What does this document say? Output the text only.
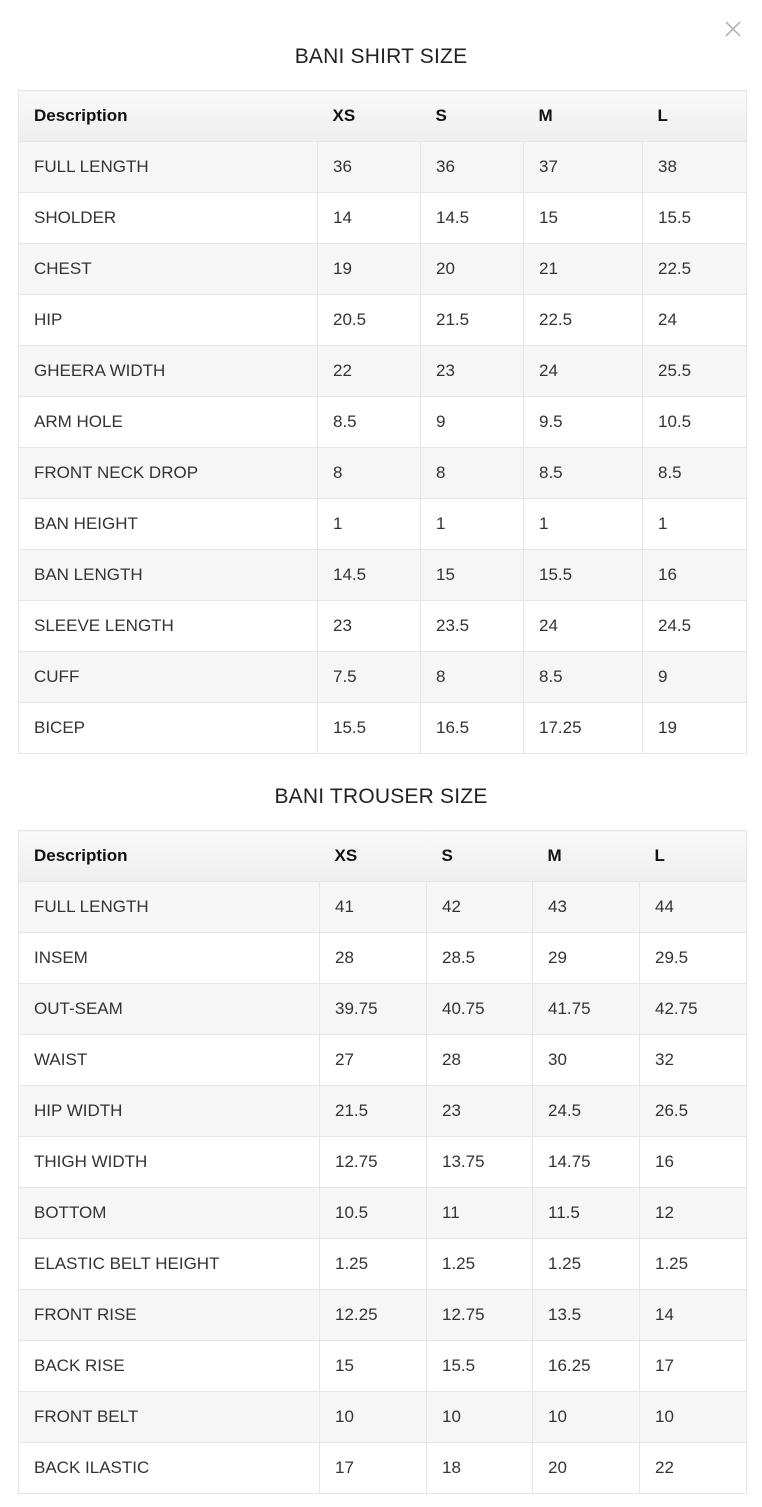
BANI SHIRT SIZE
Description	XS	S	M	L
FULL LENGTH	36	36	37	38
SHOLDER	14	14.5	15	15.5
CHEST	19	20	21	22.5
HIP	20.5	21.5	22.5	24
GHEERA WIDTH	22	23	24	25.5
ARM HOLE	8.5	9	9.5	10.5
FRONT NECK DROP	8	8	8.5	8.5
BAN HEIGHT	1	1	1	1
BAN LENGTH	14.5	15	15.5	16
SLEEVE LENGTH	23	23.5	24	24.5
CUFF	7.5	8	8.5	9
BICEP	15.5	16.5	17.25	19
BANI TROUSER SIZE
Description	XS	S	M	L
FULL LENGTH	41	42	43	44
INSEM	28	28.5	29	29.5
OUT-SEAM	39.75	40.75	41.75	42.75
WAIST	27	28	30	32
HIP WIDTH	21.5	23	24.5	26.5
THIGH WIDTH	12.75	13.75	14.75	16
BOTTOM	10.5	11	11.5	12
ELASTIC BELT HEIGHT	1.25	1.25	1.25	1.25
FRONT RISE	12.25	12.75	13.5	14
BACK RISE	15	15.5	16.25	17
FRONT BELT	10	10	10	10
BACK ILASTIC	17	18	20	22
